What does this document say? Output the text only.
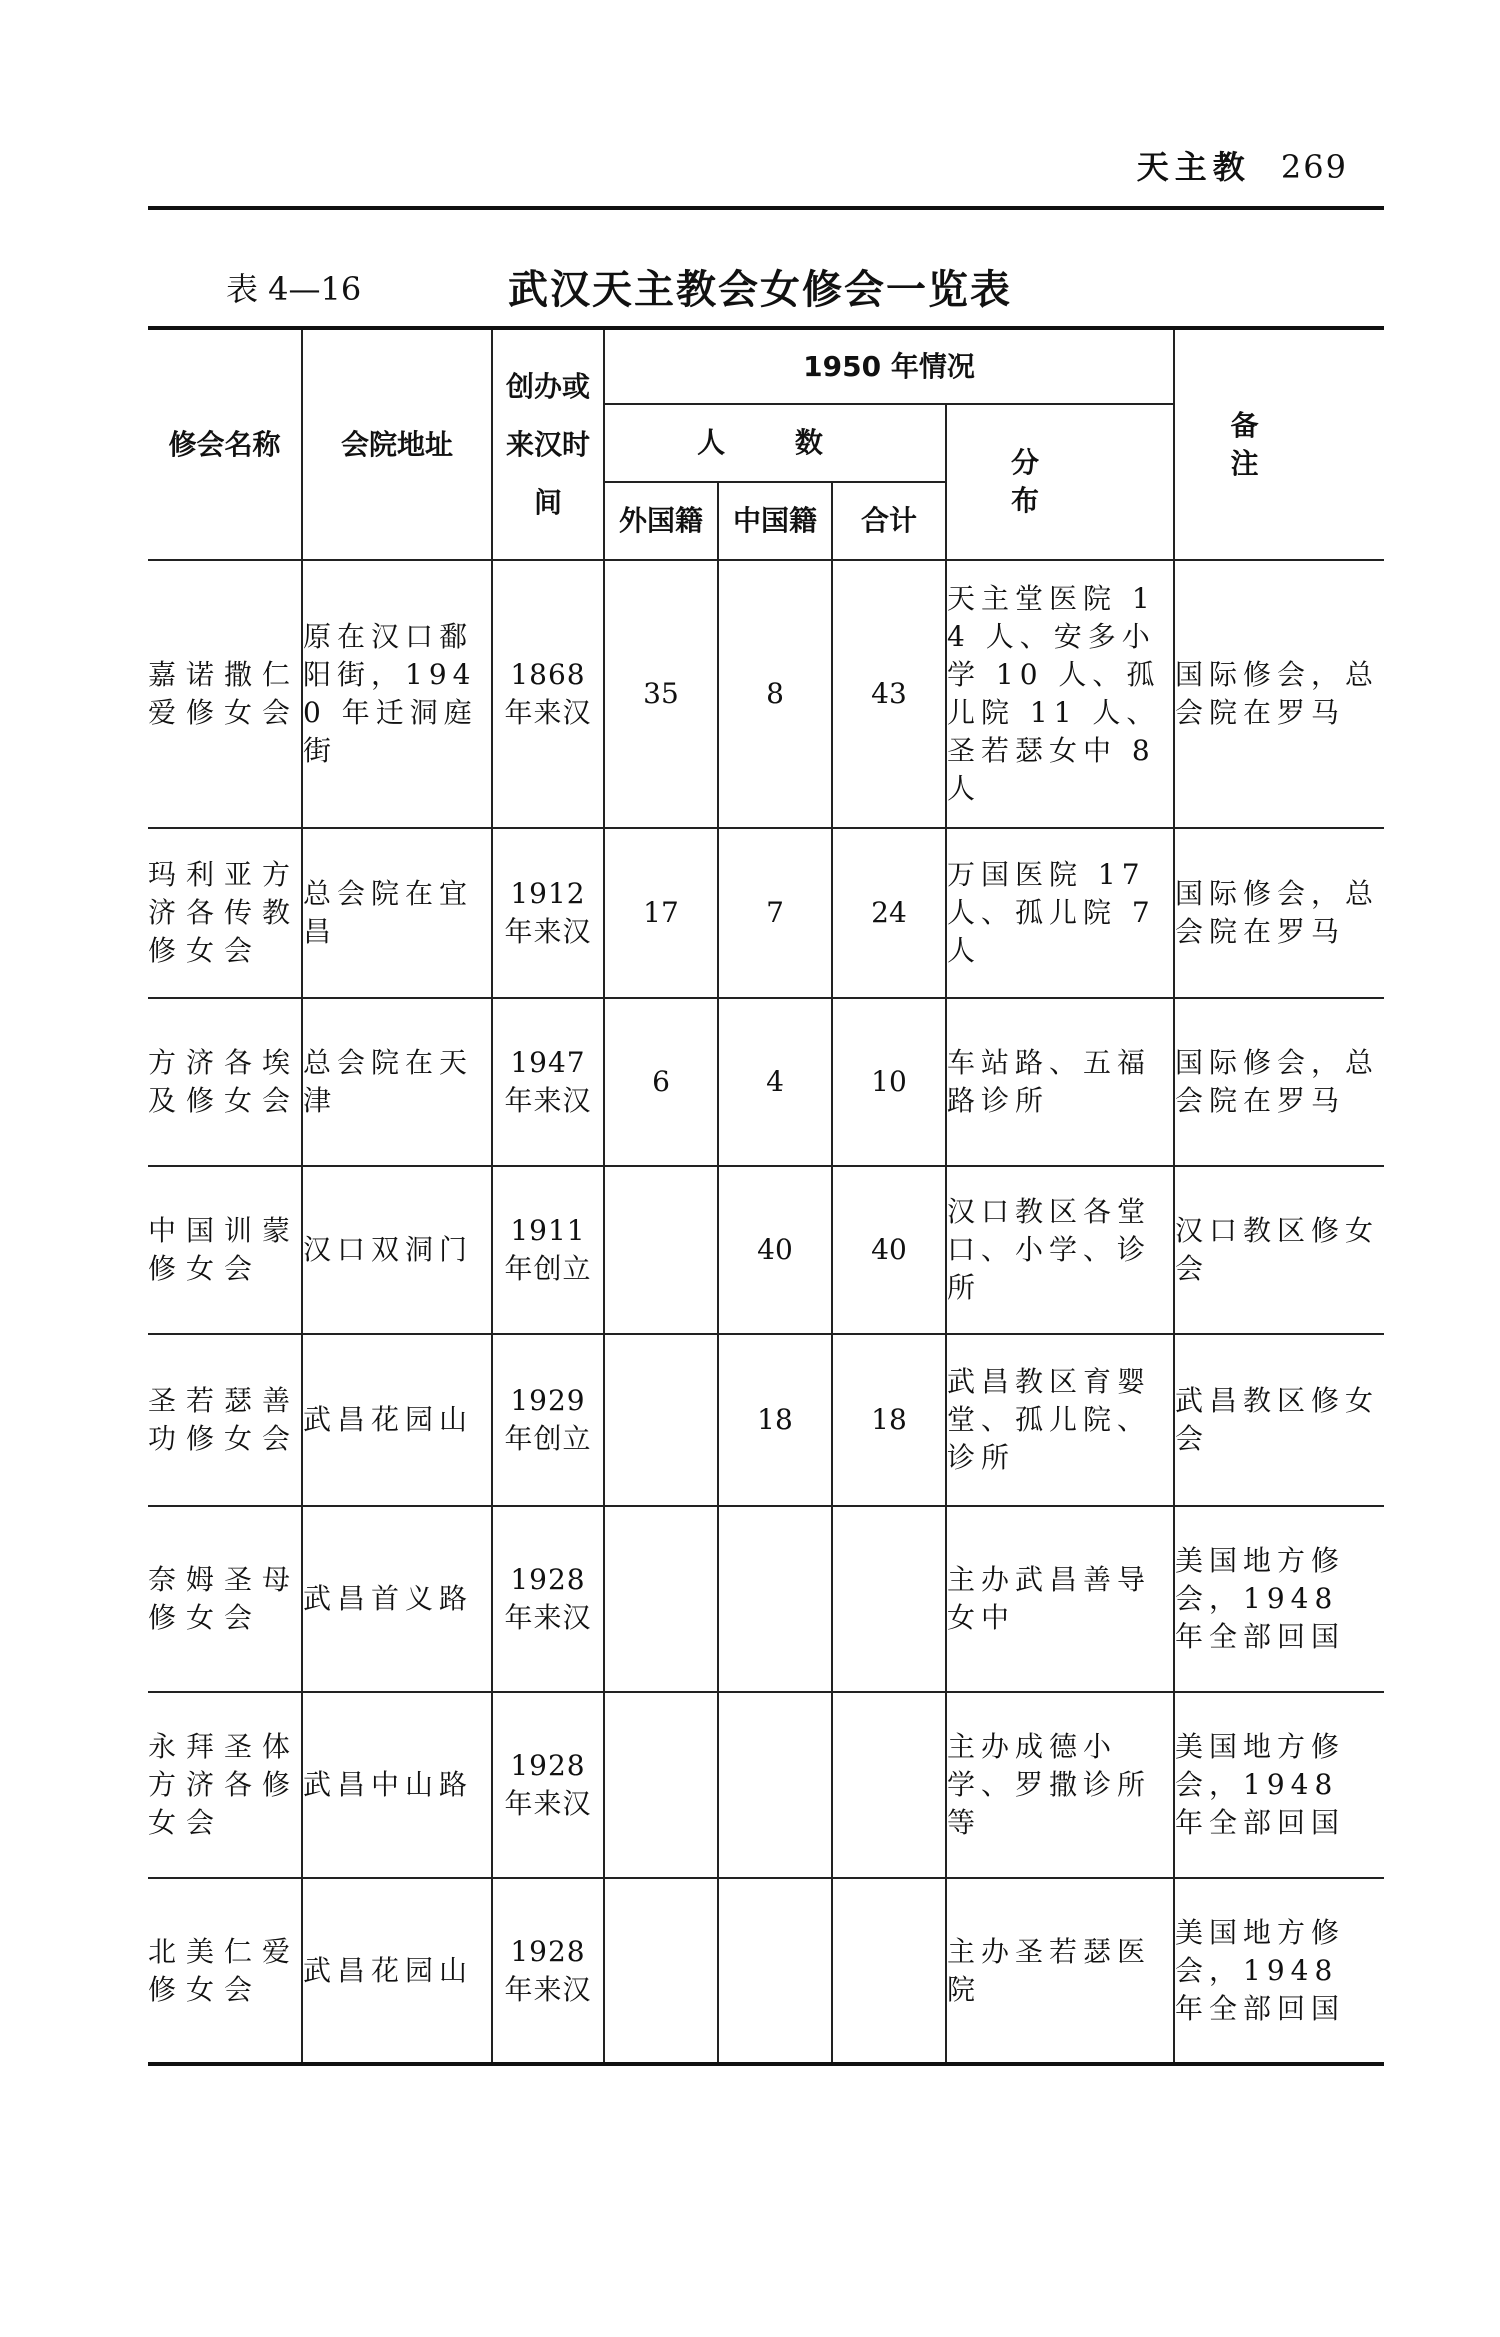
天主教 269
表 4—16	武汉天主教会女修会一览表
修会名称	会院地址	创办或来汉时间	1950 年情况				备 注
			人 数			分 布	
			外国籍	中国籍	合计		

嘉诺撒仁爱修女会	原在汉口鄱阳街，1940 年迁洞庭街	1868 年来汉	35	8	43	天主堂医院 14 人、安多小学 10 人、孤儿院 11 人、圣若瑟女中 8 人	国际修会，总会院在罗马

玛利亚方济各传教修女会	总会院在宜昌	1912 年来汉	17	7	24	万国医院 17 人、孤儿院 7 人	国际修会，总会院在罗马

方济各埃及修女会	总会院在天津	1947 年来汉	6	4	10	车站路、五福路诊所	国际修会，总会院在罗马

中国训蒙修女会	汉口双洞门	1911 年创立		40	40	汉口教区各堂口、小学、诊所	汉口教区修女会

圣若瑟善功修女会	武昌花园山	1929 年创立		18	18	武昌教区育婴堂、孤儿院、诊所	武昌教区修女会

奈姆圣母修女会	武昌首义路	1928 年来汉				主办武昌善导女中	美国地方修会，1948 年全部回国

永拜圣体方济各修女会	武昌中山路	1928 年来汉				主办成德小学、罗撒诊所等	美国地方修会，1948 年全部回国

北美仁爱修女会	武昌花园山	1928 年来汉				主办圣若瑟医院	美国地方修会，1948 年全部回国
